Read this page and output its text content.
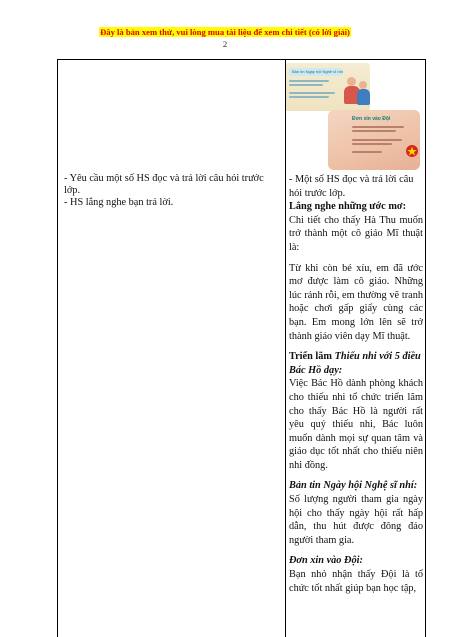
Đây là bản xem thử, vui lòng mua tài liệu để xem chi tiết (có lời giải)
2
Bản tin Ngày hội Nghệ sĩ nhí
Đơn xin vào Đội

- Yêu cầu một số HS đọc và trả lời câu hỏi trước lớp.

- HS lắng nghe bạn trả lời.

- Một số HS đọc và trả lời câu hỏi trước lớp.

Lắng nghe những ước mơ:

Chi tiết cho thấy Hà Thu muốn trở thành một cô giáo Mĩ thuật là:

Từ khi còn bé xíu, em đã ước mơ được làm cô giáo. Những lúc rảnh rỗi, em thường vẽ tranh hoặc chơi gấp giấy cùng các bạn. Em mong lớn lên sẽ trở thành giáo viên dạy Mĩ thuật.

Triển lãm Thiếu nhi với 5 điều Bác Hồ dạy:

Việc Bác Hồ dành phòng khách cho thiếu nhi tổ chức triển lãm cho thấy Bác Hồ là người rất yêu quý thiếu nhi, Bác luôn muốn dành mọi sự quan tâm và giáo dục tốt nhất cho thiếu niên nhi đồng.

Bản tin Ngày hội Nghệ sĩ nhí:

Số lượng người tham gia ngày hội cho thấy ngày hội rất hấp dẫn, thu hút được đông đảo người tham gia.

Đơn xin vào Đội:

Bạn nhỏ nhận thấy Đội là tổ chức tốt nhất giúp bạn học tập,
